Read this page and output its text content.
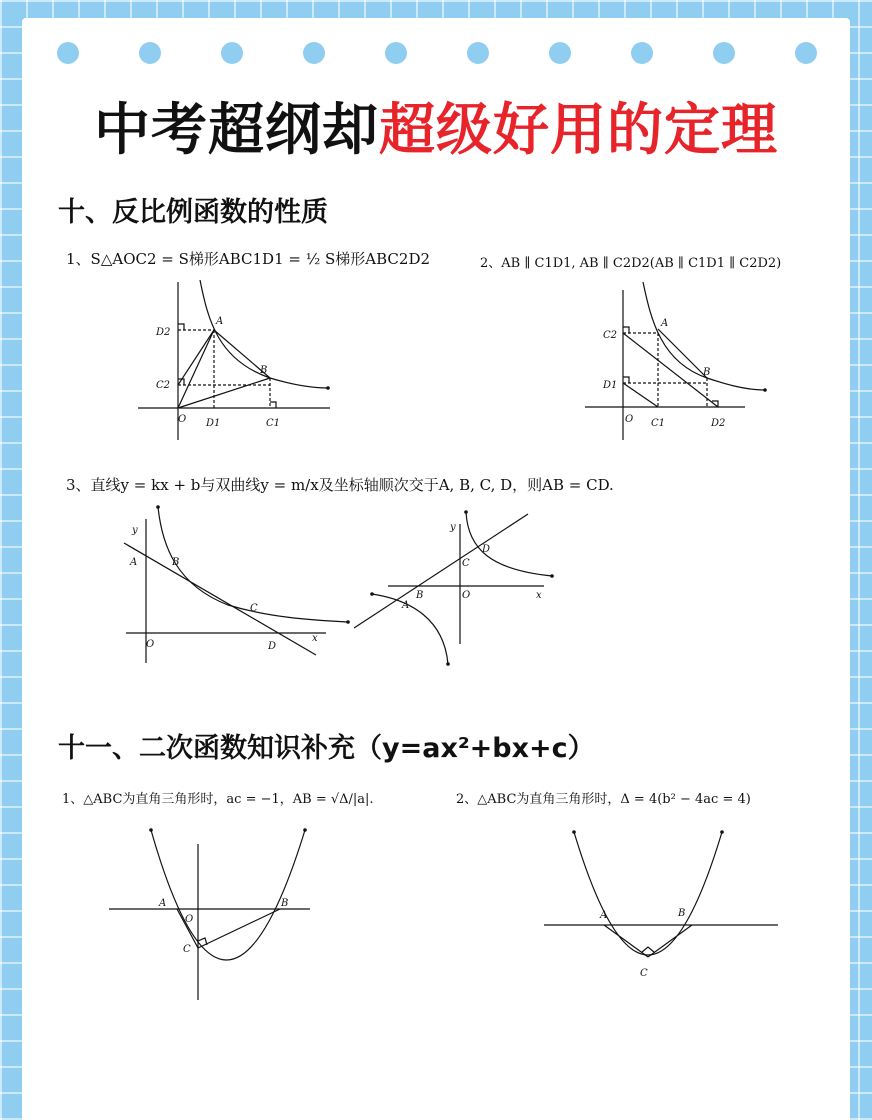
中考超纲却超级好用的定理
十、反比例函数的性质
1、S△AOC2 = S梯形ABC1D1 = ½ S梯形ABC2D2	2、AB ∥ C1D1, AB ∥ C2D2(AB ∥ C1D1 ∥ C2D2)
D2
A
B
C2
O D1	C1
C2
A
B
D1
O C1	D2
3、直线y = kx + b与双曲线y = m/x及坐标轴顺次交于A, B, C, D，则AB = CD.
y
A	B
C
O	D
x
y
D
C
B
A
O	x
十一、二次函数知识补充（y=ax²+bx+c）
1、△ABC为直角三角形时，ac = −1，AB = √Δ/|a|.	2、△ABC为直角三角形时，Δ = 4(b² − 4ac = 4)
A
O
B
C
A	B
C
